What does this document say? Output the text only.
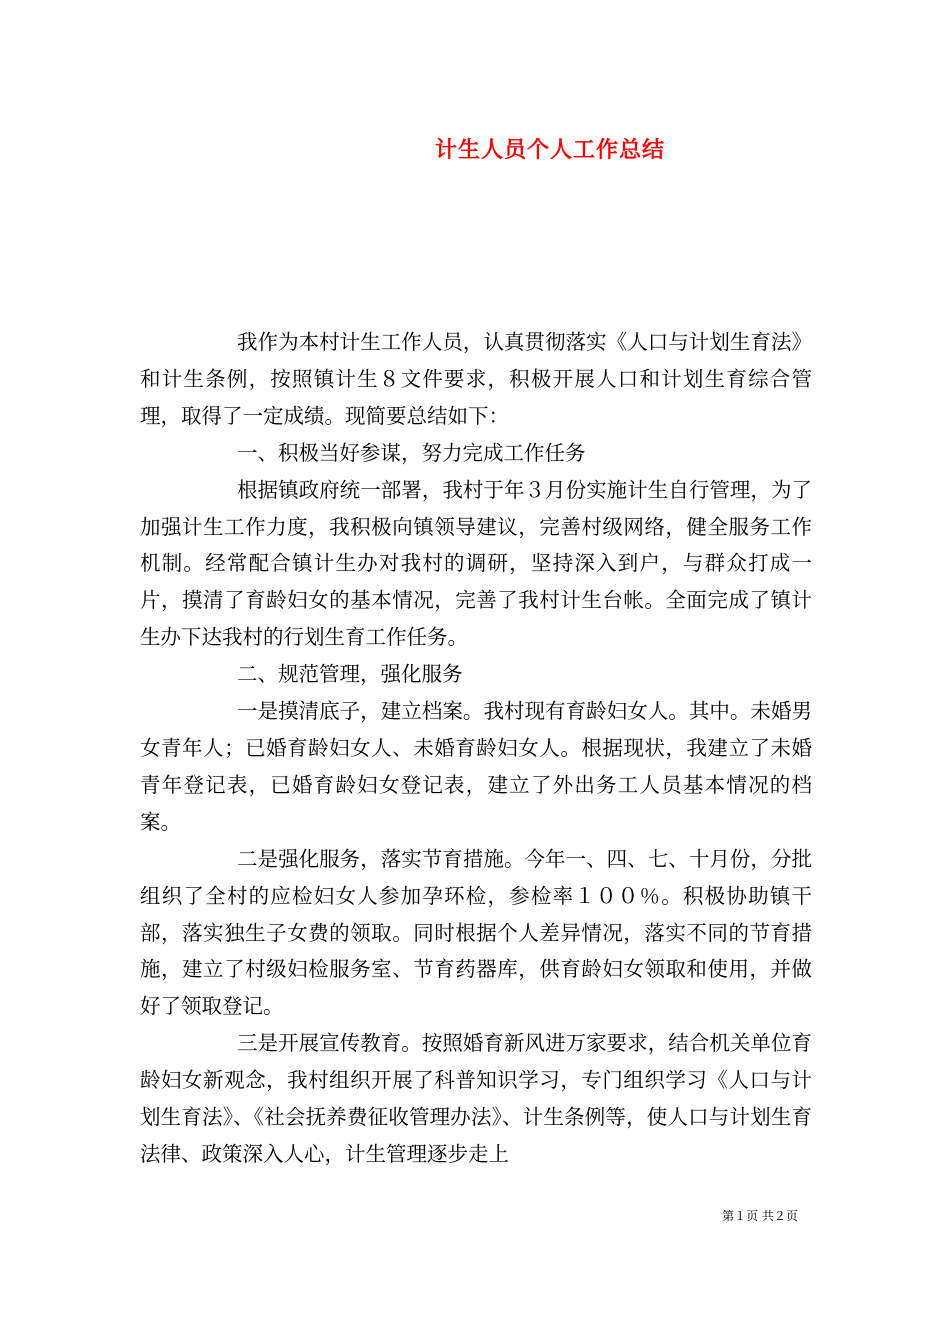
计生人员个人工作总结

我作为本村计生工作人员，认真贯彻落实《人口与计划生育法》和计生条例，按照镇计生８文件要求，积极开展人口和计划生育综合管理，取得了一定成绩。现简要总结如下：

一、积极当好参谋，努力完成工作任务

根据镇政府统一部署，我村于年３月份实施计生自行管理，为了加强计生工作力度，我积极向镇领导建议，完善村级网络，健全服务工作机制。经常配合镇计生办对我村的调研，坚持深入到户，与群众打成一片，摸清了育龄妇女的基本情况，完善了我村计生台帐。全面完成了镇计生办下达我村的行划生育工作任务。

二、规范管理，强化服务

一是摸清底子，建立档案。我村现有育龄妇女人。其中。未婚男女青年人；已婚育龄妇女人、未婚育龄妇女人。根据现状，我建立了未婚青年登记表，已婚育龄妇女登记表，建立了外出务工人员基本情况的档案。

二是强化服务，落实节育措施。今年一、四、七、十月份，分批组织了全村的应检妇女人参加孕环检，参检率１００％。积极协助镇干部，落实独生子女费的领取。同时根据个人差异情况，落实不同的节育措施，建立了村级妇检服务室、节育药器库，供育龄妇女领取和使用，并做好了领取登记。

三是开展宣传教育。按照婚育新风进万家要求，结合机关单位育龄妇女新观念，我村组织开展了科普知识学习，专门组织学习《人口与计划生育法》、《社会抚养费征收管理办法》、计生条例等，使人口与计划生育法律、政策深入人心，计生管理逐步走上

第１页 共２页
